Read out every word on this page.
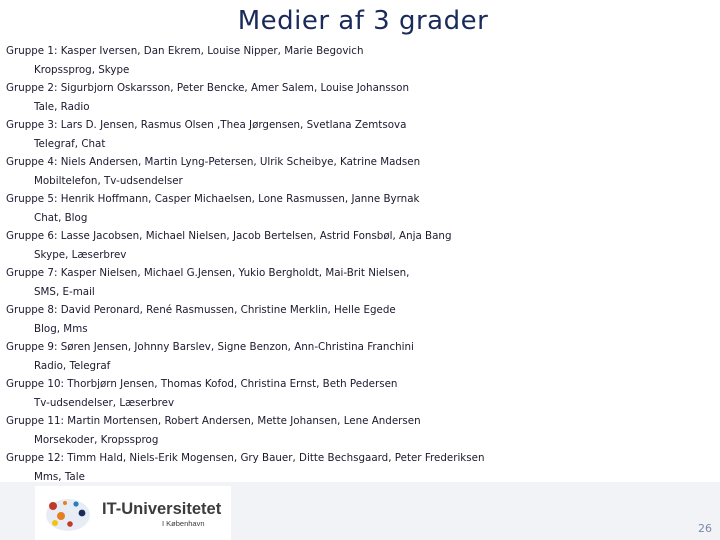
Medier af 3 grader
Gruppe 1: Kasper Iversen, Dan Ekrem, Louise Nipper, Marie Begovich
Kropssprog, Skype
Gruppe 2: Sigurbjorn Oskarsson, Peter Bencke, Amer Salem, Louise Johansson
Tale, Radio
Gruppe 3: Lars D. Jensen, Rasmus Olsen ,Thea Jørgensen, Svetlana Zemtsova
Telegraf, Chat
Gruppe 4: Niels Andersen, Martin Lyng-Petersen, Ulrik Scheibye, Katrine Madsen
Mobiltelefon, Tv-udsendelser
Gruppe 5: Henrik Hoffmann, Casper Michaelsen, Lone Rasmussen, Janne Byrnak
Chat, Blog
Gruppe 6: Lasse Jacobsen, Michael Nielsen, Jacob Bertelsen, Astrid Fonsbøl, Anja Bang
Skype, Læserbrev
Gruppe 7: Kasper Nielsen, Michael G.Jensen, Yukio Bergholdt, Mai-Brit Nielsen,
SMS, E-mail
Gruppe 8: David Peronard, René Rasmussen, Christine Merklin, Helle Egede
Blog, Mms
Gruppe 9: Søren Jensen, Johnny Barslev, Signe Benzon, Ann-Christina Franchini
Radio, Telegraf
Gruppe 10: Thorbjørn Jensen, Thomas Kofod, Christina Ernst, Beth Pedersen
Tv-udsendelser, Læserbrev
Gruppe 11: Martin Mortensen, Robert Andersen, Mette Johansen, Lene Andersen
Morsekoder, Kropssprog
Gruppe 12: Timm Hald, Niels-Erik Mogensen, Gry Bauer, Ditte Bechsgaard, Peter Frederiksen
Mms, Tale
IT-Universitetet
I København	26
